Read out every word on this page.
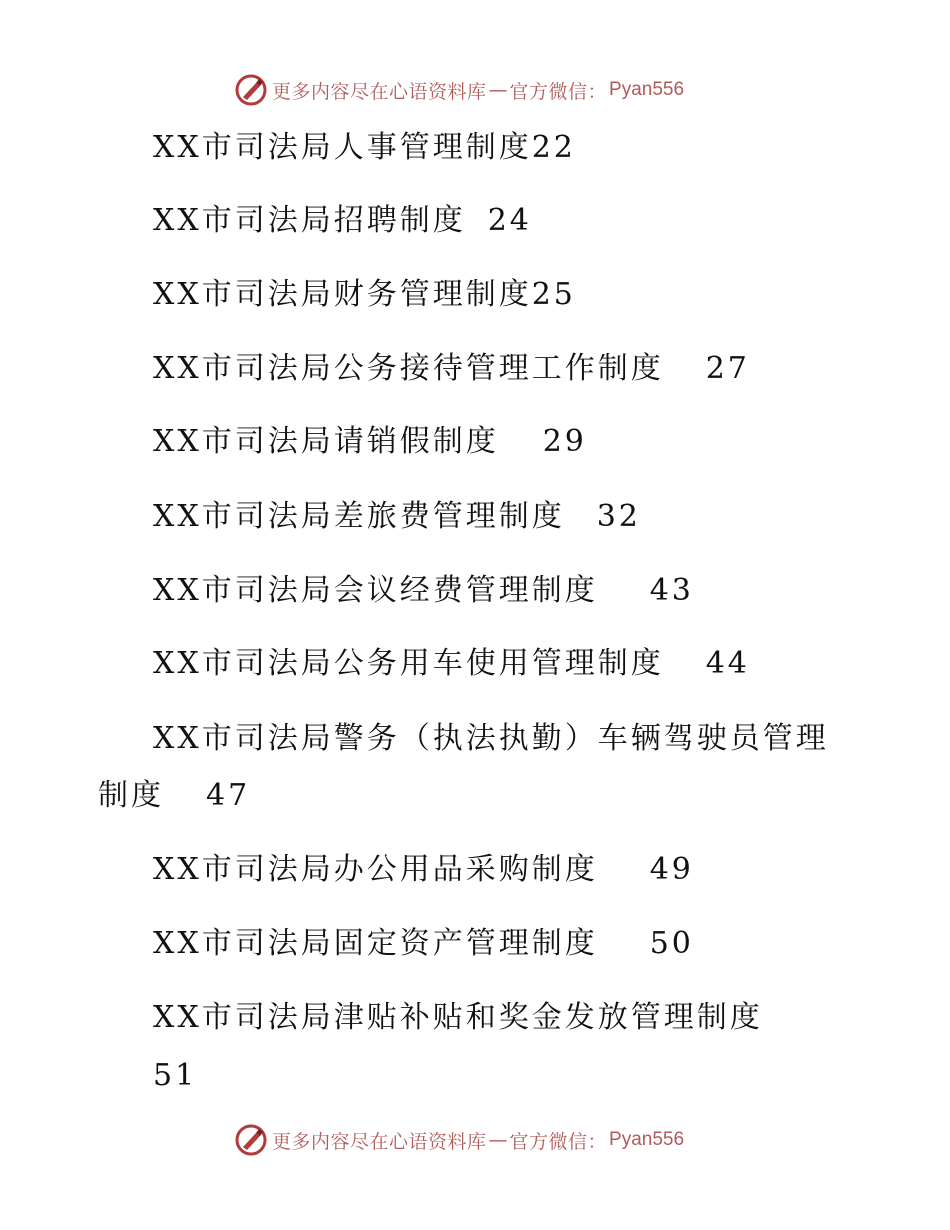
更多内容尽在心语资料库 — 官方微信： Pyan556
XX市司法局人事管理制度22
XX市司法局招聘制度 24
XX市司法局财务管理制度25
XX市司法局公务接待管理工作制度 27
XX市司法局请销假制度 29
XX市司法局差旅费管理制度 32
XX市司法局会议经费管理制度 43
XX市司法局公务用车使用管理制度 44
XX市司法局警务（执法执勤）车辆驾驶员管理
制度 47
XX市司法局办公用品采购制度 49
XX市司法局固定资产管理制度 50
XX市司法局津贴补贴和奖金发放管理制度
51
更多内容尽在心语资料库 — 官方微信： Pyan556
